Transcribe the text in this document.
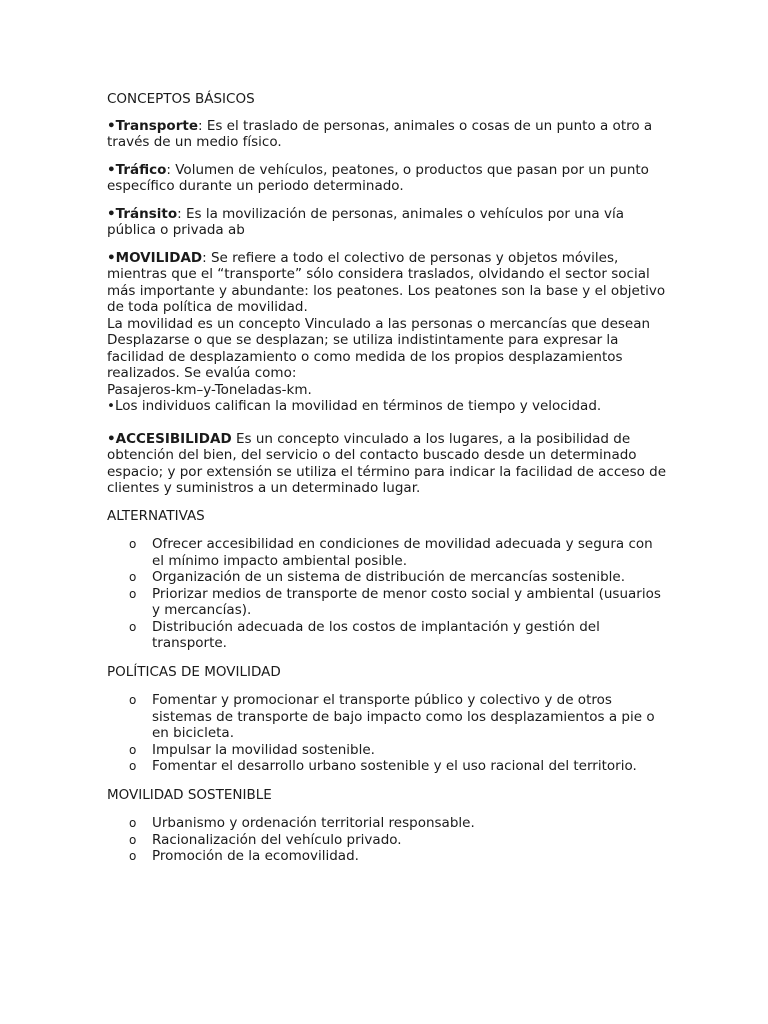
CONCEPTOS BÁSICOS
•Transporte: Es el traslado de personas, animales o cosas de un punto a otro a través de un medio físico.
•Tráfico: Volumen de vehículos, peatones, o productos que pasan por un punto específico durante un periodo determinado.
•Tránsito: Es la movilización de personas, animales o vehículos por una vía pública o privada ab
•MOVILIDAD: Se refiere a todo el colectivo de personas y objetos móviles, mientras que el “transporte” sólo considera traslados, olvidando el sector social más importante y abundante: los peatones. Los peatones son la base y el objetivo de toda política de movilidad.
La movilidad es un concepto Vinculado a las personas o mercancías que desean
Desplazarse o que se desplazan; se utiliza indistintamente para expresar la facilidad de desplazamiento o como medida de los propios desplazamientos realizados. Se evalúa como:
Pasajeros-km–y-Toneladas-km.
•Los individuos califican la movilidad en términos de tiempo y velocidad.
•ACCESIBILIDAD Es un concepto vinculado a los lugares, a la posibilidad de obtención del bien, del servicio o del contacto buscado desde un determinado espacio; y por extensión se utiliza el término para indicar la facilidad de acceso de clientes y suministros a un determinado lugar.
ALTERNATIVAS
o Ofrecer accesibilidad en condiciones de movilidad adecuada y segura con el mínimo impacto ambiental posible.
o Organización de un sistema de distribución de mercancías sostenible.
o Priorizar medios de transporte de menor costo social y ambiental (usuarios y mercancías).
o Distribución adecuada de los costos de implantación y gestión del transporte.
POLÍTICAS DE MOVILIDAD
o Fomentar y promocionar el transporte público y colectivo y de otros sistemas de transporte de bajo impacto como los desplazamientos a pie o en bicicleta.
o Impulsar la movilidad sostenible.
o Fomentar el desarrollo urbano sostenible y el uso racional del territorio.
MOVILIDAD SOSTENIBLE
o Urbanismo y ordenación territorial responsable.
o Racionalización del vehículo privado.
o Promoción de la ecomovilidad.
